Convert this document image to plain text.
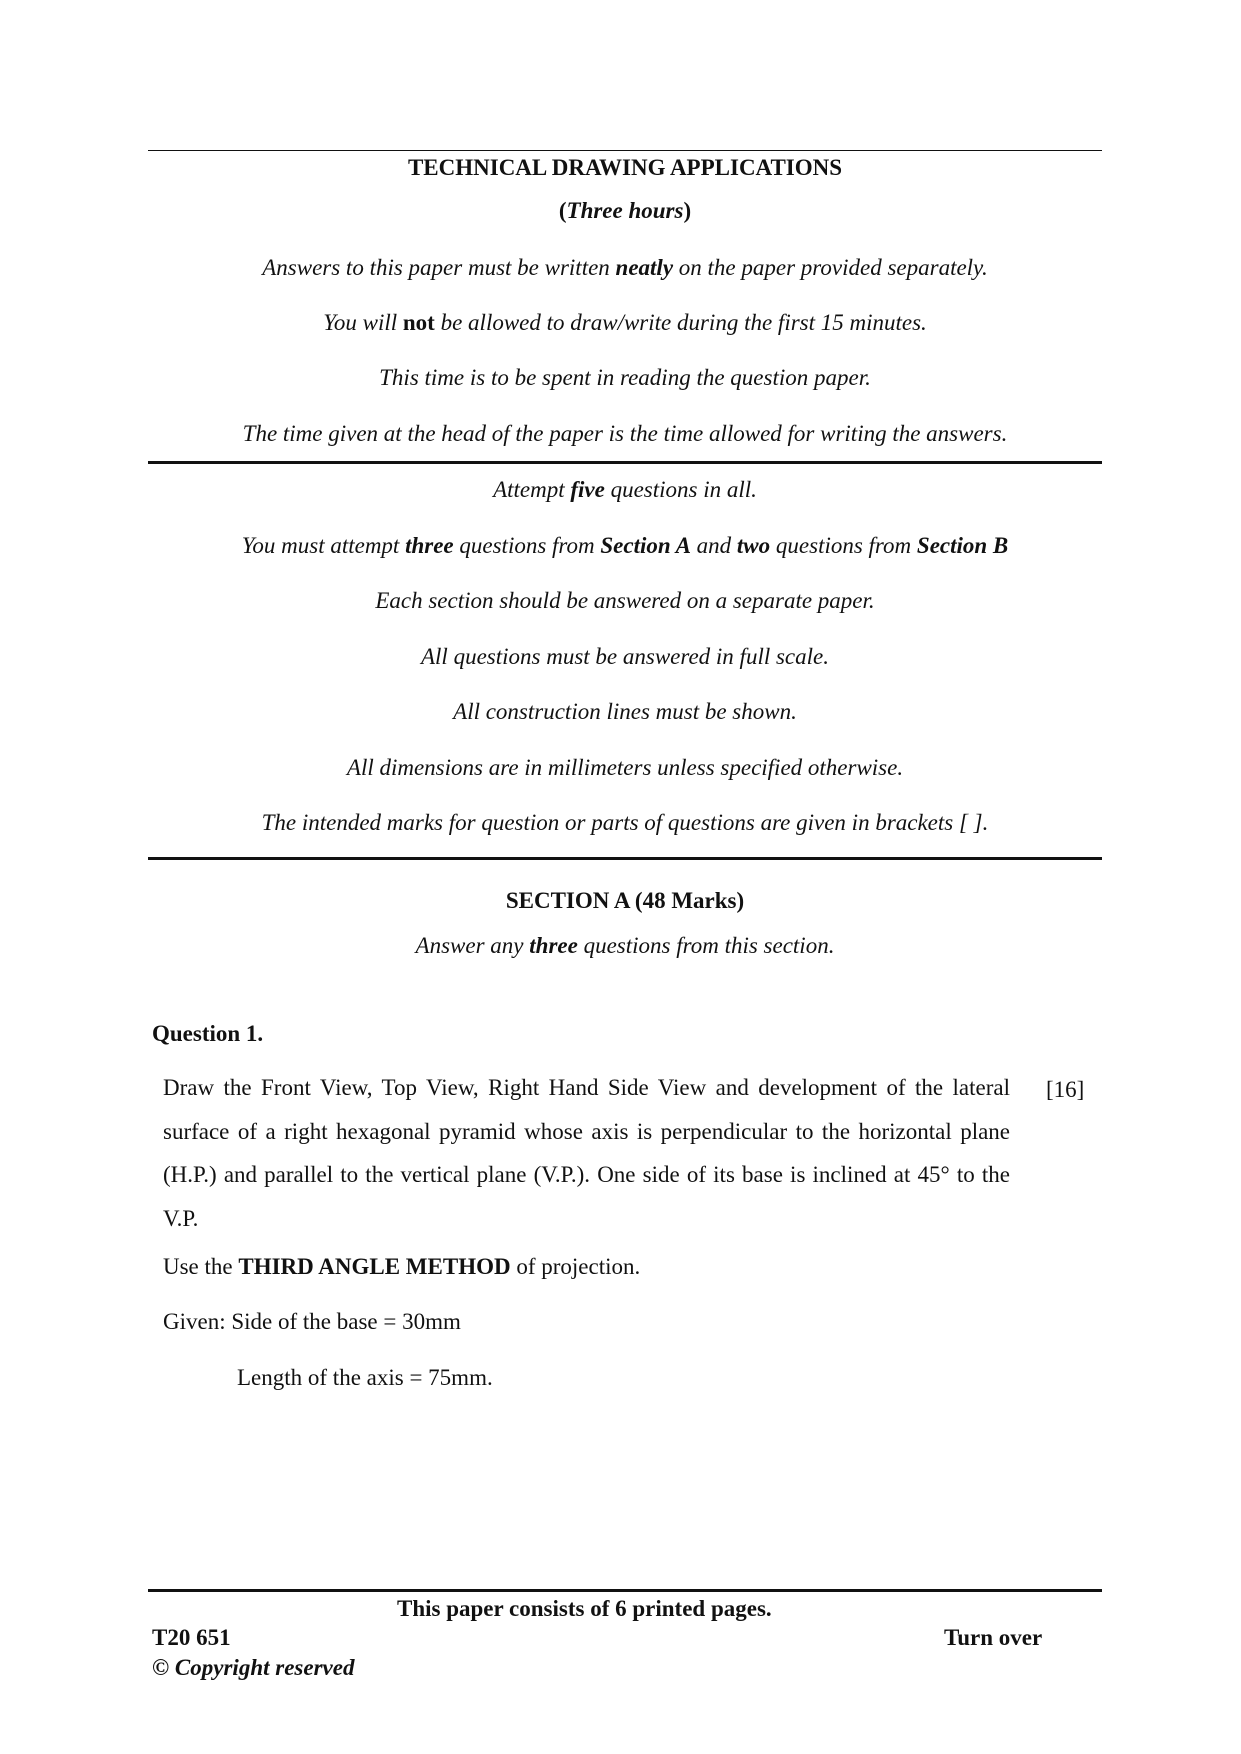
TECHNICAL DRAWING APPLICATIONS
(Three hours)
Answers to this paper must be written neatly on the paper provided separately.
You will not be allowed to draw/write during the first 15 minutes.
This time is to be spent in reading the question paper.
The time given at the head of the paper is the time allowed for writing the answers.
Attempt five questions in all.
You must attempt three questions from Section A and two questions from Section B
Each section should be answered on a separate paper.
All questions must be answered in full scale.
All construction lines must be shown.
All dimensions are in millimeters unless specified otherwise.
The intended marks for question or parts of questions are given in brackets [ ].
SECTION A (48 Marks)
Answer any three questions from this section.
Question 1.
Draw the Front View, Top View, Right Hand Side View and development of the lateral surface of a right hexagonal pyramid whose axis is perpendicular to the horizontal plane (H.P.) and parallel to the vertical plane (V.P.). One side of its base is inclined at 45° to the V.P.
[16]
Use the THIRD ANGLE METHOD of projection.
Given: Side of the base = 30mm
Length of the axis = 75mm.
This paper consists of 6 printed pages.
T20 651	Turn over
© Copyright reserved
